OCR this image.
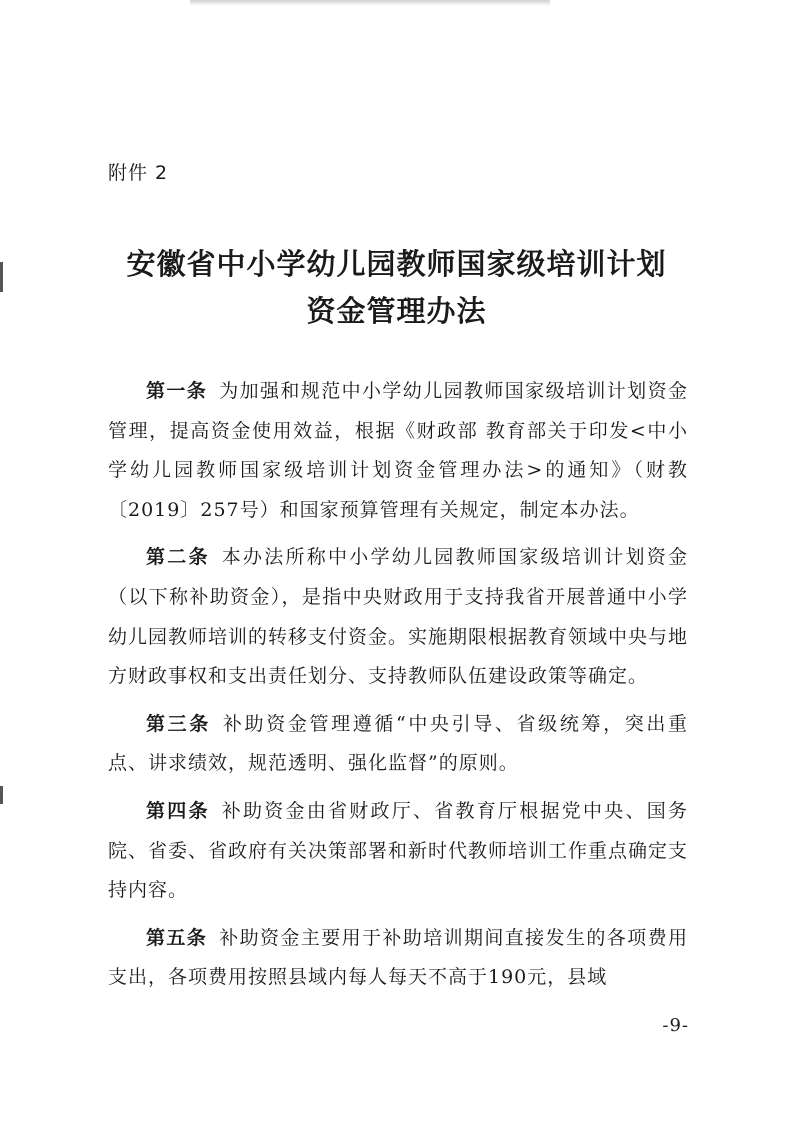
附件 2
安徽省中小学幼儿园教师国家级培训计划
资金管理办法

第一条 为加强和规范中小学幼儿园教师国家级培训计划资金管理，提高资金使用效益，根据《财政部 教育部关于印发<中小学幼儿园教师国家级培训计划资金管理办法>的通知》（财教〔2019〕257号）和国家预算管理有关规定，制定本办法。

第二条 本办法所称中小学幼儿园教师国家级培训计划资金（以下称补助资金），是指中央财政用于支持我省开展普通中小学幼儿园教师培训的转移支付资金。实施期限根据教育领域中央与地方财政事权和支出责任划分、支持教师队伍建设政策等确定。

第三条 补助资金管理遵循“中央引导、省级统筹，突出重点、讲求绩效，规范透明、强化监督”的原则。

第四条 补助资金由省财政厅、省教育厅根据党中央、国务院、省委、省政府有关决策部署和新时代教师培训工作重点确定支持内容。

第五条 补助资金主要用于补助培训期间直接发生的各项费用支出，各项费用按照县域内每人每天不高于190元，县域

-9-
